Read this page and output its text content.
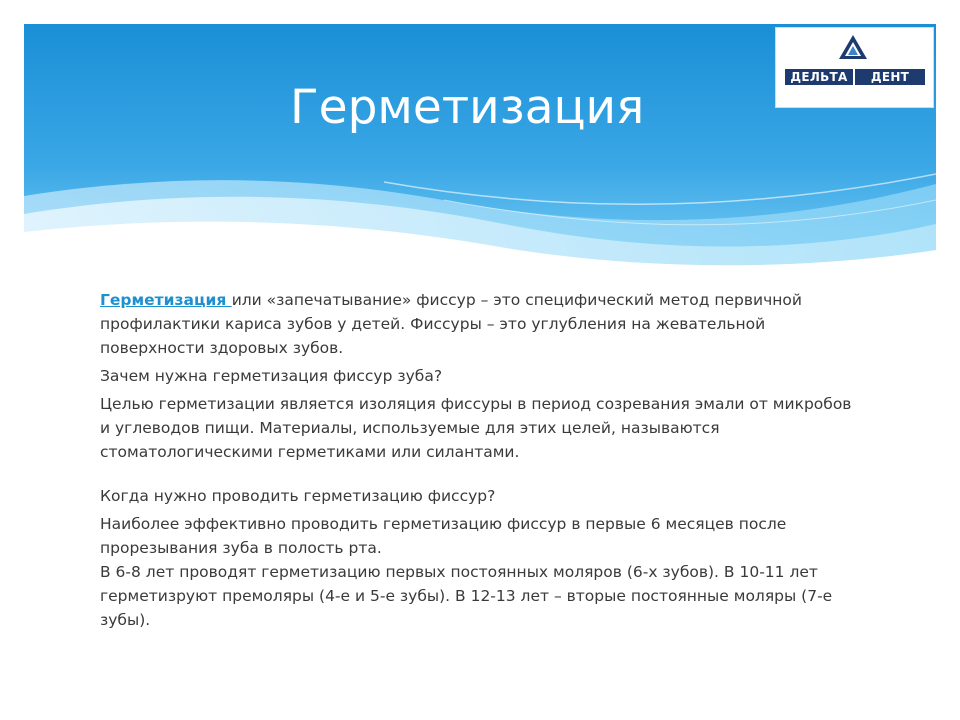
Герметизация
ДЕЛЬТА	ДЕНТ

Герметизация или «запечатывание» фиссур – это специфический метод первичной профилактики кариса зубов у детей. Фиссуры – это углубления на жевательной поверхности здоровых зубов.

Зачем нужна герметизация фиссур зуба?

Целью герметизации является изоляция фиссуры в период созревания эмали от микробов и углеводов пищи. Материалы, используемые для этих целей, называются стоматологическими герметиками или силантами.

Когда нужно проводить герметизацию фиссур?

Наиболее эффективно проводить герметизацию фиссур в первые 6 месяцев после прорезывания зуба в полость рта.

В 6-8 лет проводят герметизацию первых постоянных моляров (6-х зубов). В 10-11 лет герметизруют премоляры (4-е и 5-е зубы). В 12-13 лет – вторые постоянные моляры (7-е зубы).
